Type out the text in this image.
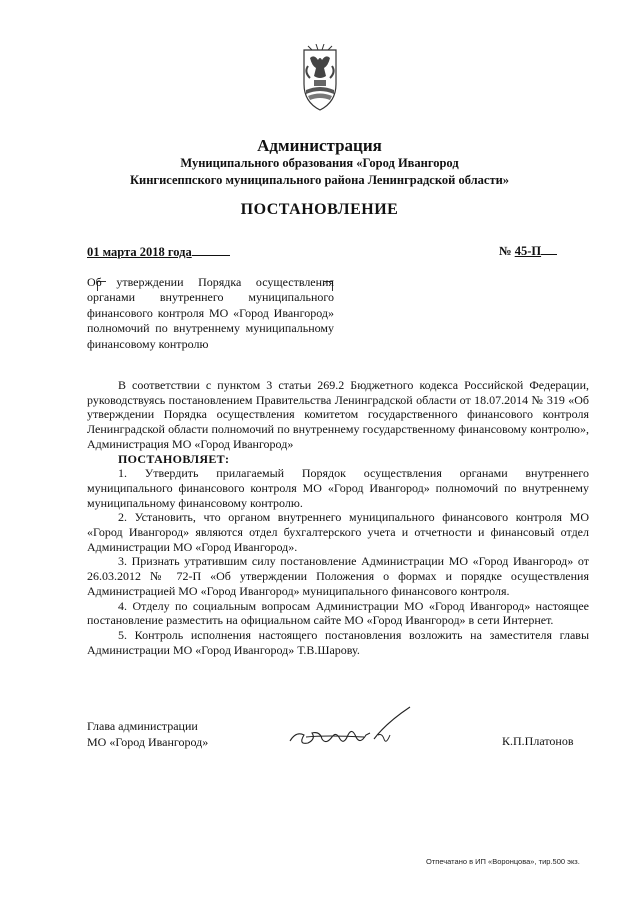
Администрация
Муниципального образования «Город Ивангород
Кингисеппского муниципального района Ленинградской области»
ПОСТАНОВЛЕНИЕ
01 марта 2018 года	№ 45-П
Об утверждении Порядка осуществления органами внутреннего муниципального финансового контроля МО «Город Ивангород» полномочий по внутреннему муниципальному финансовому контролю

В соответствии с пунктом 3 статьи 269.2 Бюджетного кодекса Российской Федерации, руководствуясь постановлением Правительства Ленинградской области от 18.07.2014 № 319 «Об утверждении Порядка осуществления комитетом государственного финансового контроля Ленинградской области полномочий по внутреннему государственному финансовому контролю», Администрация МО «Город Ивангород»

ПОСТАНОВЛЯЕТ:

1. Утвердить прилагаемый Порядок осуществления органами внутреннего муниципального финансового контроля МО «Город Ивангород» полномочий по внутреннему муниципальному финансовому контролю.

2. Установить, что органом внутреннего муниципального финансового контроля МО «Город Ивангород» являются отдел бухгалтерского учета и отчетности и финансовый отдел Администрации МО «Город Ивангород».

3. Признать утратившим силу постановление Администрации МО «Город Ивангород» от 26.03.2012 № 72-П «Об утверждении Положения о формах и порядке осуществления Администрацией МО «Город Ивангород» муниципального финансового контроля.

4. Отделу по социальным вопросам Администрации МО «Город Ивангород» настоящее постановление разместить на официальном сайте МО «Город Ивангород» в сети Интернет.

5. Контроль исполнения настоящего постановления возложить на заместителя главы Администрации МО «Город Ивангород» Т.В.Шарову.

Глава администрации
МО «Город Ивангород»	К.П.Платонов
Отпечатано в ИП «Воронцова», тир.500 экз.
